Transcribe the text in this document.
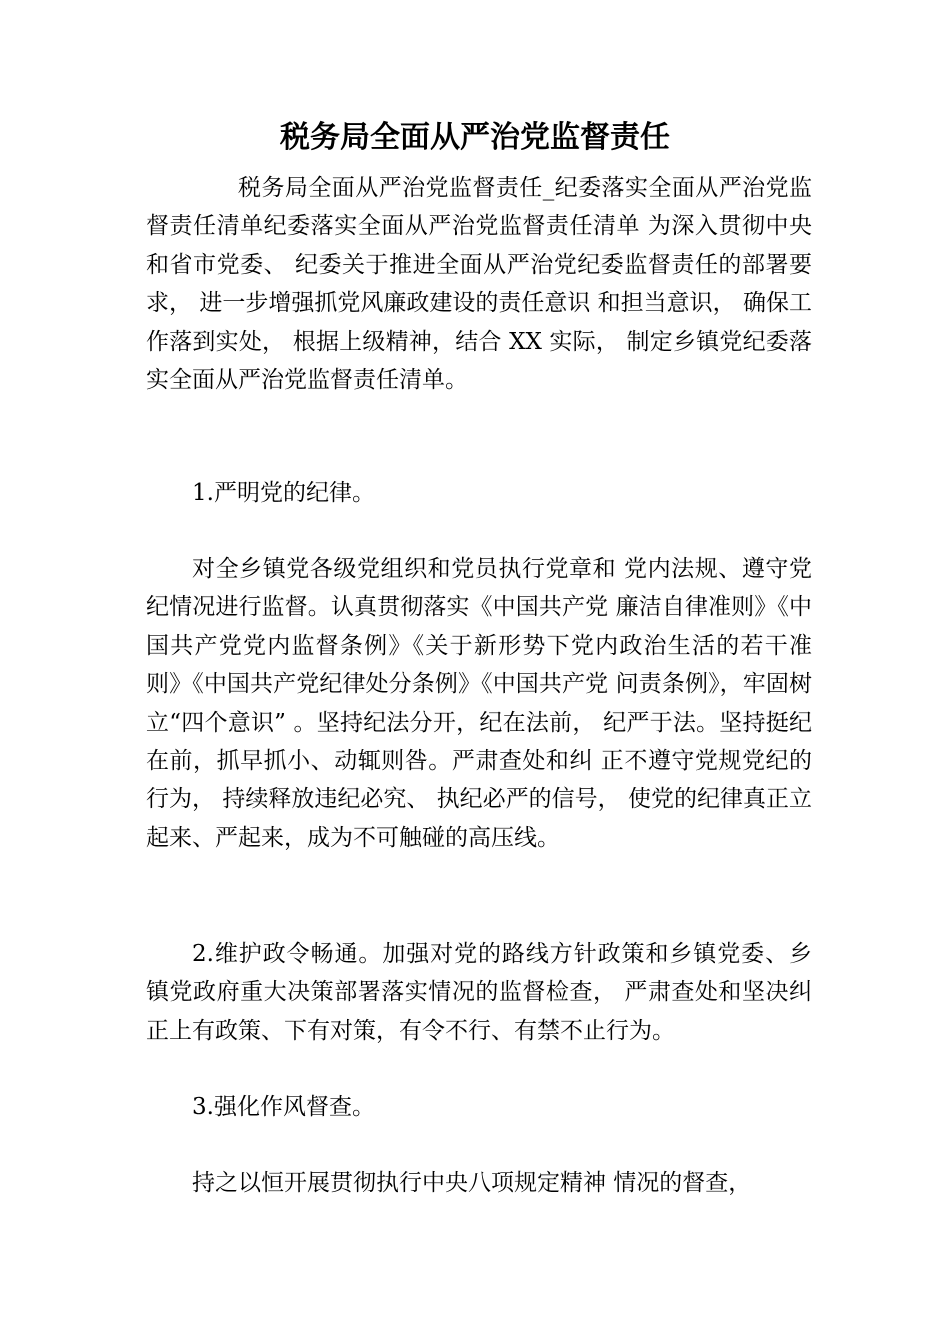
税务局全面从严治党监督责任

税务局全面从严治党监督责任_纪委落实全面从严治党监督责任清单纪委落实全面从严治党监督责任清单 为深入贯彻中央和省市党委、 纪委关于推进全面从严治党纪委监督责任的部署要求， 进一步增强抓党风廉政建设的责任意识 和担当意识， 确保工作落到实处， 根据上级精神，结合 XX 实际， 制定乡镇党纪委落实全面从严治党监督责任清单。

1.严明党的纪律。

对全乡镇党各级党组织和党员执行党章和 党内法规、遵守党纪情况进行监督。认真贯彻落实《中国共产党 廉洁自律准则》《中国共产党党内监督条例》《关于新形势下党内政治生活的若干准则》《中国共产党纪律处分条例》《中国共产党 问责条例》，牢固树立“四个意识” 。坚持纪法分开，纪在法前， 纪严于法。坚持挺纪在前，抓早抓小、动辄则咎。严肃查处和纠 正不遵守党规党纪的行为， 持续释放违纪必究、 执纪必严的信号， 使党的纪律真正立起来、严起来，成为不可触碰的高压线。

2.维护政令畅通。加强对党的路线方针政策和乡镇党委、乡 镇党政府重大决策部署落实情况的监督检查， 严肃查处和坚决纠 正上有政策、下有对策，有令不行、有禁不止行为。

3.强化作风督查。

持之以恒开展贯彻执行中央八项规定精神 情况的督查，
